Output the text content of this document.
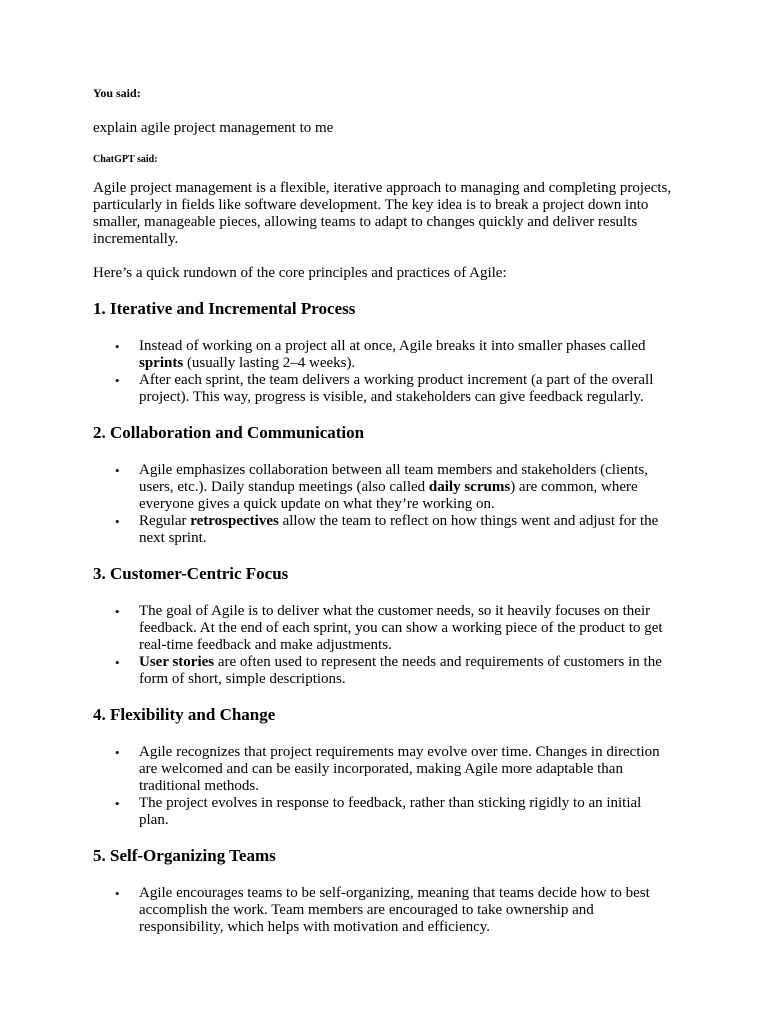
You said:
explain agile project management to me
ChatGPT said:

Agile project management is a flexible, iterative approach to managing and completing projects, particularly in fields like software development. The key idea is to break a project down into smaller, manageable pieces, allowing teams to adapt to changes quickly and deliver results incrementally.

Here’s a quick rundown of the core principles and practices of Agile:

1. Iterative and Incremental Process
• Instead of working on a project all at once, Agile breaks it into smaller phases called sprints (usually lasting 2–4 weeks).
• After each sprint, the team delivers a working product increment (a part of the overall project). This way, progress is visible, and stakeholders can give feedback regularly.
2. Collaboration and Communication
• Agile emphasizes collaboration between all team members and stakeholders (clients, users, etc.). Daily standup meetings (also called daily scrums) are common, where everyone gives a quick update on what they’re working on.
• Regular retrospectives allow the team to reflect on how things went and adjust for the next sprint.
3. Customer-Centric Focus
• The goal of Agile is to deliver what the customer needs, so it heavily focuses on their feedback. At the end of each sprint, you can show a working piece of the product to get real-time feedback and make adjustments.
• User stories are often used to represent the needs and requirements of customers in the form of short, simple descriptions.
4. Flexibility and Change
• Agile recognizes that project requirements may evolve over time. Changes in direction are welcomed and can be easily incorporated, making Agile more adaptable than traditional methods.
• The project evolves in response to feedback, rather than sticking rigidly to an initial plan.
5. Self-Organizing Teams
• Agile encourages teams to be self-organizing, meaning that teams decide how to best accomplish the work. Team members are encouraged to take ownership and responsibility, which helps with motivation and efficiency.
